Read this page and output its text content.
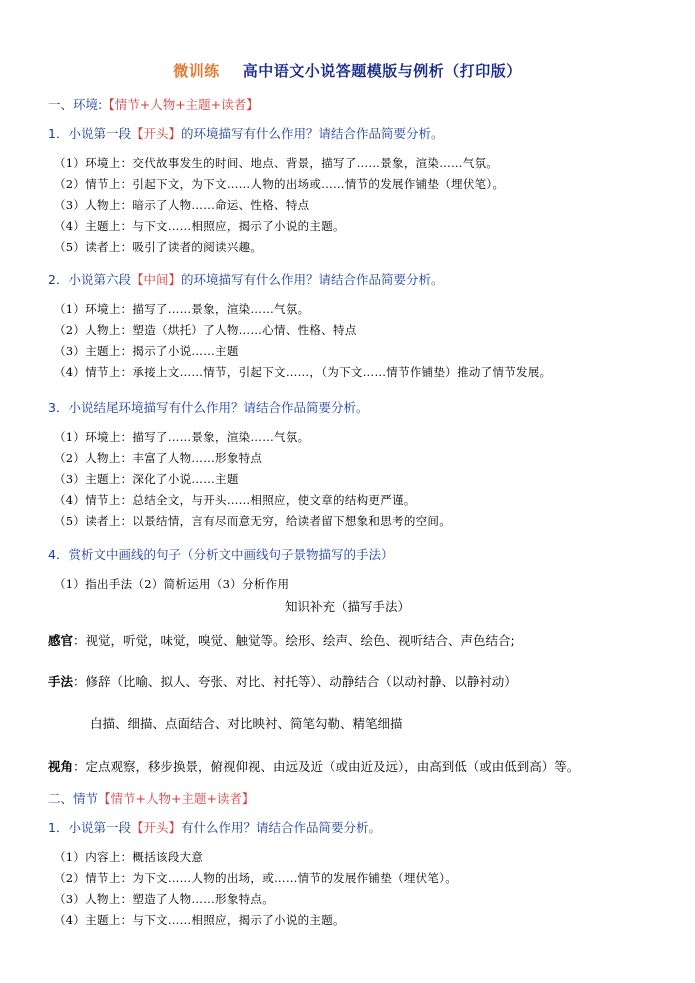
微训练 高中语文小说答题模版与例析（打印版）
一、环境:【情节+人物+主题+读者】
1．小说第一段【开头】的环境描写有什么作用？请结合作品简要分析。
（1）环境上：交代故事发生的时间、地点、背景，描写了……景象，渲染……气氛。
（2）情节上：引起下文，为下文……人物的出场或……情节的发展作铺垫（埋伏笔）。
（3）人物上：暗示了人物……命运、性格、特点
（4）主题上：与下文……相照应，揭示了小说的主题。
（5）读者上：吸引了读者的阅读兴趣。
2．小说第六段【中间】的环境描写有什么作用？请结合作品简要分析。
（1）环境上：描写了……景象，渲染……气氛。
（2）人物上：塑造（烘托）了人物……心情、性格、特点
（3）主题上：揭示了小说……主题
（4）情节上：承接上文……情节，引起下文……，（为下文……情节作铺垫）推动了情节发展。
3．小说结尾环境描写有什么作用？请结合作品简要分析。
（1）环境上：描写了……景象，渲染……气氛。
（2）人物上：丰富了人物……形象特点
（3）主题上：深化了小说……主题
（4）情节上：总结全文，与开头……相照应，使文章的结构更严谨。
（5）读者上：以景结情，言有尽而意无穷，给读者留下想象和思考的空间。
4．赏析文中画线的句子（分析文中画线句子景物描写的手法）
（1）指出手法（2）简析运用（3）分析作用
知识补充（描写手法）
感官：视觉，听觉，味觉，嗅觉、触觉等。绘形、绘声、绘色、视听结合、声色结合;
手法：修辞（比喻、拟人、夸张、对比、衬托等）、动静结合（以动衬静、以静衬动）
白描、细描、点面结合、对比映衬、简笔勾勒、精笔细描
视角：定点观察，移步换景，俯视仰视、由远及近（或由近及远），由高到低（或由低到高）等。
二、情节【情节+人物+主题+读者】
1．小说第一段【开头】有什么作用？请结合作品简要分析。
（1）内容上：概括该段大意
（2）情节上：为下文……人物的出场，或……情节的发展作铺垫（埋伏笔）。
（3）人物上：塑造了人物……形象特点。
（4）主题上：与下文……相照应，揭示了小说的主题。
